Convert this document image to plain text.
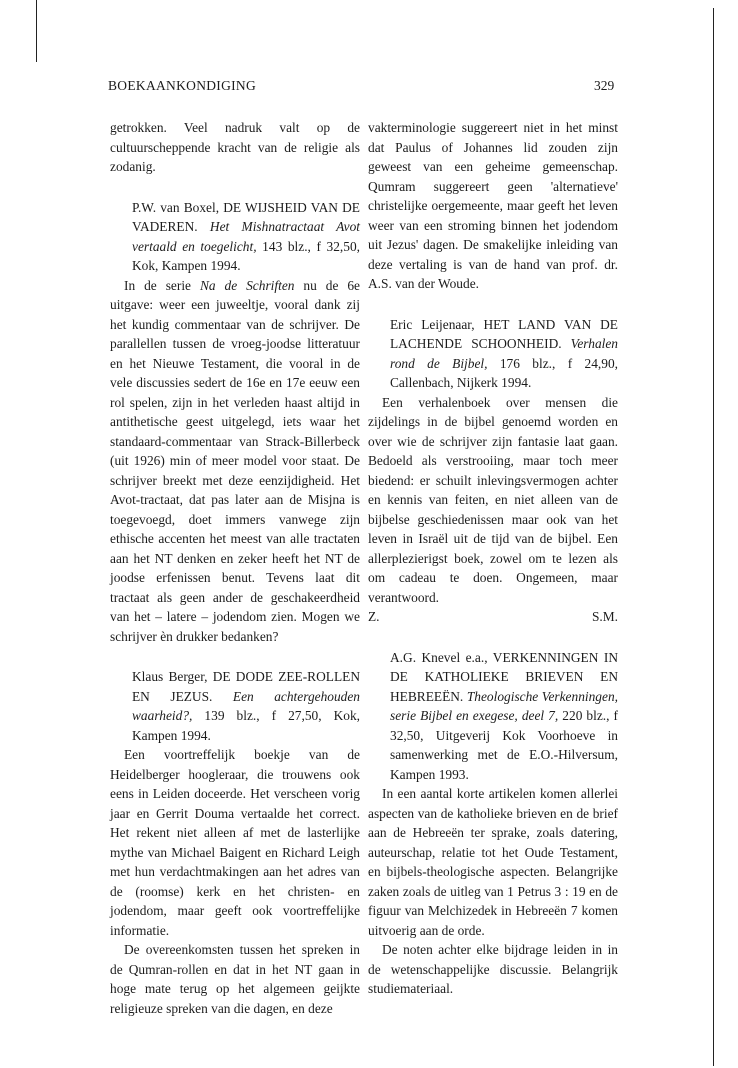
BOEKAANKONDIGING	329

getrokken. Veel nadruk valt op de cultuurscheppende kracht van de religie als zodanig.

P.W. van Boxel, DE WIJSHEID VAN DE VADEREN. Het Mishnatractaat Avot vertaald en toegelicht, 143 blz., f 32,50, Kok, Kampen 1994.

In de serie Na de Schriften nu de 6e uitgave: weer een juweeltje, vooral dank zij het kundig commentaar van de schrijver. De parallellen tussen de vroeg-joodse litteratuur en het Nieuwe Testament, die vooral in de vele discussies sedert de 16e en 17e eeuw een rol spelen, zijn in het verleden haast altijd in antithetische geest uitgelegd, iets waar het standaard-commentaar van Strack-Billerbeck (uit 1926) min of meer model voor staat. De schrijver breekt met deze eenzijdigheid. Het Avot-tractaat, dat pas later aan de Misjna is toegevoegd, doet immers vanwege zijn ethische accenten het meest van alle tractaten aan het NT denken en zeker heeft het NT de joodse erfenissen benut. Tevens laat dit tractaat als geen ander de geschakeerdheid van het – latere – jodendom zien. Mogen we schrijver èn drukker bedanken?

Klaus Berger, DE DODE ZEE-ROLLEN EN JEZUS. Een achtergehouden waarheid?, 139 blz., f 27,50, Kok, Kampen 1994.

Een voortreffelijk boekje van de Heidelberger hoogleraar, die trouwens ook eens in Leiden doceerde. Het verscheen vorig jaar en Gerrit Douma vertaalde het correct. Het rekent niet alleen af met de lasterlijke mythe van Michael Baigent en Richard Leigh met hun verdachtmakingen aan het adres van de (roomse) kerk en het christen- en jodendom, maar geeft ook voortreffelijke informatie.

De overeenkomsten tussen het spreken in de Qumran-rollen en dat in het NT gaan in hoge mate terug op het algemeen geijkte religieuze spreken van die dagen, en deze

vakterminologie suggereert niet in het minst dat Paulus of Johannes lid zouden zijn geweest van een geheime gemeenschap. Qumram suggereert geen 'alternatieve' christelijke oergemeente, maar geeft het leven weer van een stroming binnen het jodendom uit Jezus' dagen. De smakelijke inleiding van deze vertaling is van de hand van prof. dr. A.S. van der Woude.

Eric Leijenaar, HET LAND VAN DE LACHENDE SCHOONHEID. Verhalen rond de Bijbel, 176 blz., f 24,90, Callenbach, Nijkerk 1994.

Een verhalenboek over mensen die zijdelings in de bijbel genoemd worden en over wie de schrijver zijn fantasie laat gaan. Bedoeld als verstrooiing, maar toch meer biedend: er schuilt inlevingsvermogen achter en kennis van feiten, en niet alleen van de bijbelse geschiedenissen maar ook van het leven in Israël uit de tijd van de bijbel. Een allerplezierigst boek, zowel om te lezen als om cadeau te doen. Ongemeen, maar verantwoord.

Z.	S.M.

A.G. Knevel e.a., VERKENNINGEN IN DE KATHOLIEKE BRIEVEN EN HEBREEËN. Theologische Verkenningen, serie Bijbel en exegese, deel 7, 220 blz., f 32,50, Uitgeverij Kok Voorhoeve in samenwerking met de E.O.-Hilversum, Kampen 1993.

In een aantal korte artikelen komen allerlei aspecten van de katholieke brieven en de brief aan de Hebreeën ter sprake, zoals datering, auteurschap, relatie tot het Oude Testament, en bijbels-theologische aspecten. Belangrijke zaken zoals de uitleg van 1 Petrus 3 : 19 en de figuur van Melchizedek in Hebreeën 7 komen uitvoerig aan de orde.

De noten achter elke bijdrage leiden in in de wetenschappelijke discussie. Belangrijk studiemateriaal.
